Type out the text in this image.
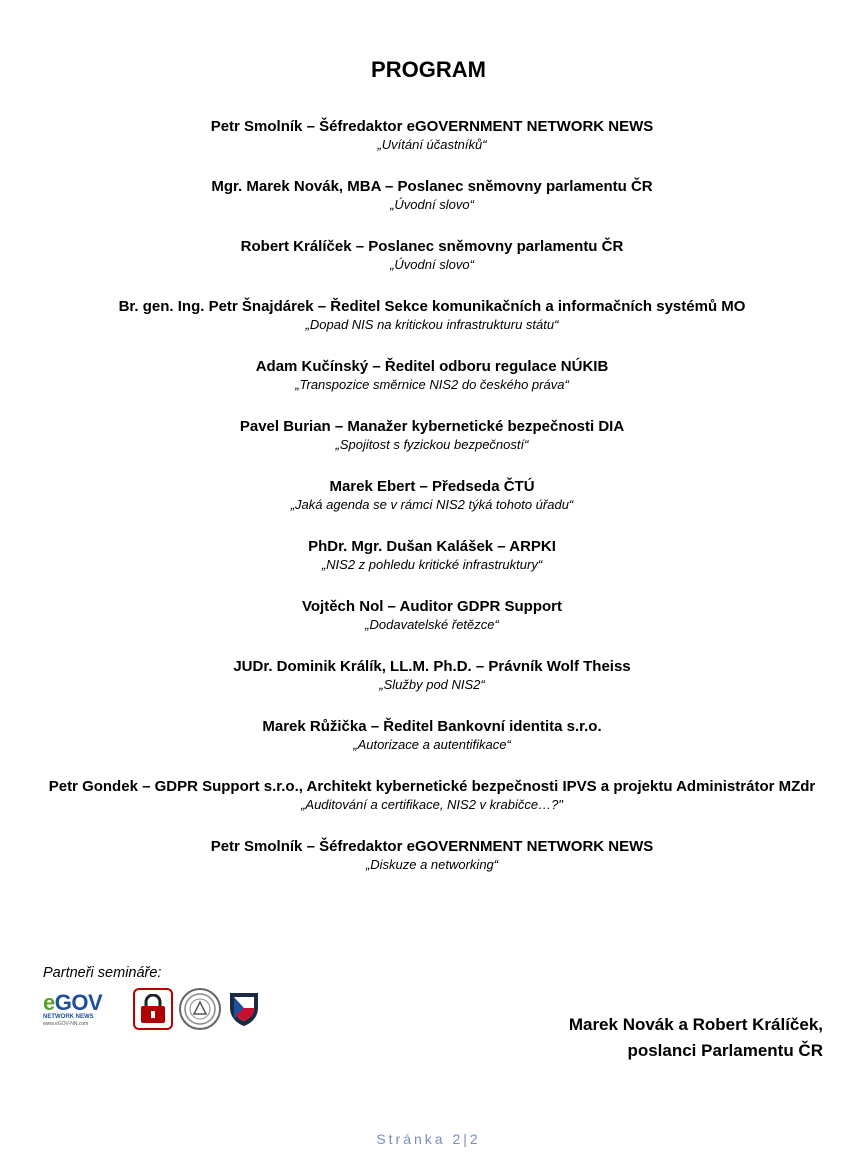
PROGRAM
Petr Smolník – Šéfredaktor eGOVERNMENT NETWORK NEWS
„Uvítání účastníků“
Mgr. Marek Novák, MBA – Poslanec sněmovny parlamentu ČR
„Úvodní slovo“
Robert Králíček – Poslanec sněmovny parlamentu ČR
„Úvodní slovo“
Br. gen. Ing. Petr Šnajdárek – Ředitel Sekce komunikačních a informačních systémů MO
„Dopad NIS na kritickou infrastrukturu státu“
Adam Kučínský – Ředitel odboru regulace NÚKIB
„Transpozice směrnice NIS2 do českého práva“
Pavel Burian – Manažer kybernetické bezpečnosti DIA
„Spojitost s fyzickou bezpečností“
Marek Ebert – Předseda ČTÚ
„Jaká agenda se v rámci NIS2 týká tohoto úřadu“
PhDr. Mgr. Dušan Kalášek – ARPKI
„NIS2 z pohledu kritické infrastruktury“
Vojtěch Nol – Auditor GDPR Support
„Dodavatelské řetězce“
JUDr. Dominik Králík, LL.M. Ph.D. – Právník Wolf Theiss
„Služby pod NIS2“
Marek Růžička – Ředitel Bankovní identita s.r.o.
„Autorizace a autentifikace“
Petr Gondek – GDPR Support s.r.o., Architekt kybernetické bezpečnosti IPVS a projektu Administrátor MZdr
„Auditování a certifikace, NIS2 v krabičce…?"
Petr Smolník – Šéfredaktor eGOVERNMENT NETWORK NEWS
„Diskuze a networking“
Partneři semináře:
eGOV
NETWORK NEWS
www.eGOV-NN.com	Marek Novák a Robert Králíček,
poslanci Parlamentu ČR
Stránka 2|2
